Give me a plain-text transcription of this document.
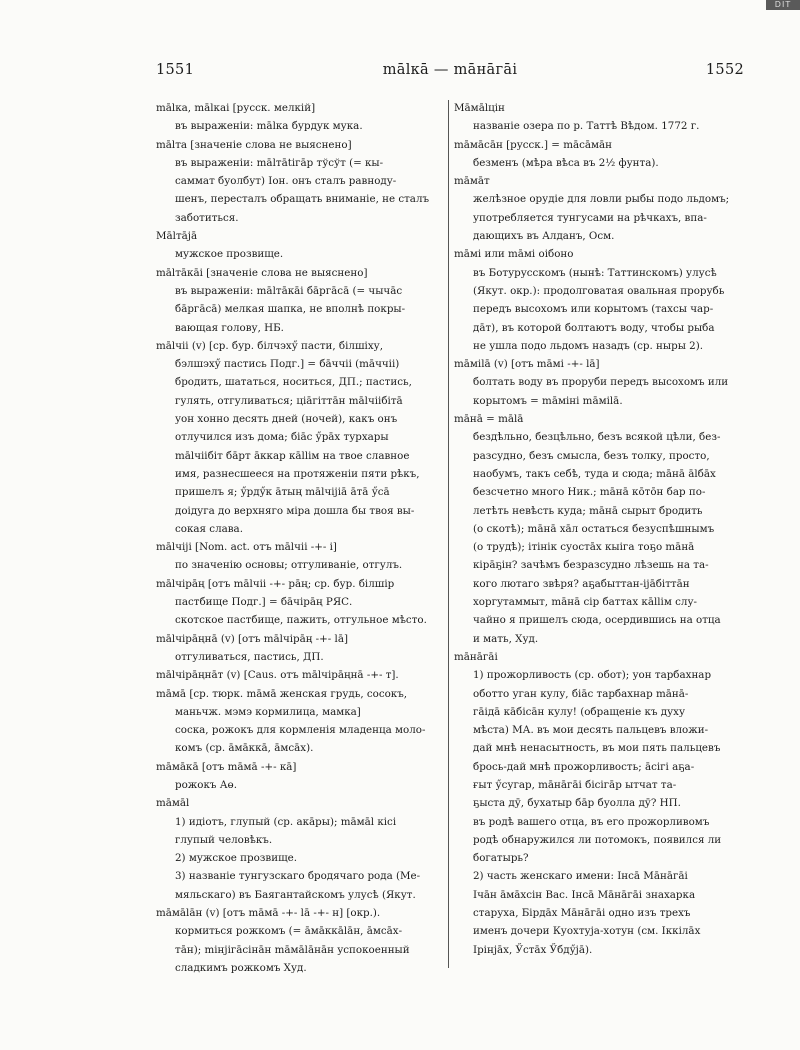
DIT
1551	mālкā — māнāгāi	1552
mālка, mālкаi [русск. мелкій]
въ выраженіи: mālка бурдук мука.
mālта [значеніе слова не выяснено]
въ выраженіи: mālтātiгāр тўсўт (= кы-
саммат буолбут) Іон. онъ сталъ равноду-
шенъ, пересталъ обращать вниманіе, не сталъ
заботиться.
Mālтājā
мужское прозвище.
mālтāкāі [значеніе слова не выяснено]
въ выраженіи: mālтāкāі бāргāсā (= чычāс
бāргāсā) мелкая шапка, не вполнѣ покры-
вающая голову, НБ.
mālчii (v) [ср. бур. бiлчэхӳ пасти, бiлшiху,
бэлшэхӳ пастись Подг.] = бāччii (māччii)
бродить, шататься, носиться, ДП.; пастись,
гулять, отгуливаться; ціāгiттāн mālчiiбiтā
уон хонно десять дней (ночей), какъ онъ
отлучился изъ дома; бiāс ӳрāх турхары
mālчiiбiт бāрт āккар кāllім на твое славное
имя, разнесшееся на протяженіи пяти рѣкъ,
пришелъ я; ӳрдӳк āтың mālчiјiā āтā ӳсā
доідуга до верхняго міра дошла бы твоя вы-
сокая слава.
mālчiјi [Nom. act. отъ mālчii -+- i]
по значенію основы; отгуливаніе, отгулъ.
mālчiрāң [отъ mālчii -+- рāң; ср. бур. бiлшiр
пастбище Подг.] = бāчiрāң РЯС.
скотское пастбище, пажить, отгульное мѣсто.
mālчiрāңнā (v) [отъ mālчiрāң -+- lā]
отгуливаться, пастись, ДП.
mālчiрāңнāт (v) [Caus. отъ mālчiрāңнā -+- т].
māмā [ср. тюрк. māмā женская грудь, сосокъ,
маньчж. мэмэ кормилица, мамка]
соска, рожокъ для кормленія младенца моло-
комъ (ср. āмāккā, āмсāх).
māмāкā [отъ māмā -+- кā]
рожокъ Аө.
māмāl
1) идіотъ, глупый (ср. акāры); māмāl кiсi
глупый человѣкъ.
2) мужское прозвище.
3) названіе тунгузскаго бродячаго рода (Ме-
мяльскаго) въ Баягантайскомъ улусѣ (Якут.
māмālāн (v) [отъ māмā -+- lā -+- н] [окр.).
кормиться рожкомъ (= āмāккālāн, āмсāх-
тāн); miнjiгāсiнāн māмālāнāн успокоенный
сладкимъ рожкомъ Худ.
Māмālцiн
названіе озера по р. Таттѣ Вѣдом. 1772 г.
māмāсāн [русск.] = māсāмāн
безменъ (мѣра вѣса въ 2½ фунта).
māмāт
желѣзное орудіе для ловли рыбы подо льдомъ;
употребляется тунгусами на рѣчкахъ, впа-
дающихъ въ Алданъ, Осм.
māмi или māмi оібоно
въ Ботурусскомъ (нынѣ: Таттинскомъ) улусѣ
(Якут. окр.): продолговатая овальная прорубь
передъ высохомъ или корытомъ (тахсы чар-
дāт), въ которой болтаютъ воду, чтобы рыба
не ушла подо льдомъ назадъ (ср. ныры 2).
māмilā (v) [отъ māмi -+- lā]
болтать воду въ проруби передъ высохомъ или
корытомъ = māмiнi māмilā.
māнā = mālā
бездѣльно, безцѣльно, безъ всякой цѣли, без-
разсудно, безъ смысла, безъ толку, просто,
наобумъ, такъ себѣ, туда и сюда; māнā ālбāх
безсчетно много Ник.; māнā кōтōн бар по-
летѣть невѣсть куда; māнā сырыт бродить
(о скотѣ); māнā хāл остаться безуспѣшнымъ
(о трудѣ); iтiнiк суостāх кыіга тоҕо māнā
кiрāҕiн? зачѣмъ безразсудно лѣзешь на та-
кого лютаго звѣря? аҕабыттан-iјāбiттāн
хоргутаммыт, māнā сiр баттах кāllім слу-
чайно я пришелъ сюда, осердившись на отца
и мать, Худ.
māнāгāi
1) прожорливость (ср. обот); уон тарбахнар
оботто уган кулу, бiāс тарбахнар māнā-
гāідā кāбiсāн кулу! (обращеніе къ духу
мѣста) МА. въ мои десять пальцевъ вложи-
дай мнѣ ненасытность, въ мои пять пальцевъ
брось-дай мнѣ прожорливость; āсiгi аҕа-
ғыт ӳсугар, māнāгāi бiсiгāр ытчат та-
ҕыста дӯ, бухатыр бāр буолла дӯ? НП.
въ родѣ вашего отца, въ его прожорливомъ
родѣ обнаружился ли потомокъ, появился ли
богатырь?
2) часть женскаго имени: Iнсā Māнāгāi
Iчāн āмāхсiн Вас. Iнсā Māнāгāi знахарка
старуха, Бiрдāх Māнāгāi одно изъ трехъ
именъ дочери Куохтуја-хотун (см. Iккiлāх
Iрiнјāх, Ӳстāх Ӳбдӳјā).
